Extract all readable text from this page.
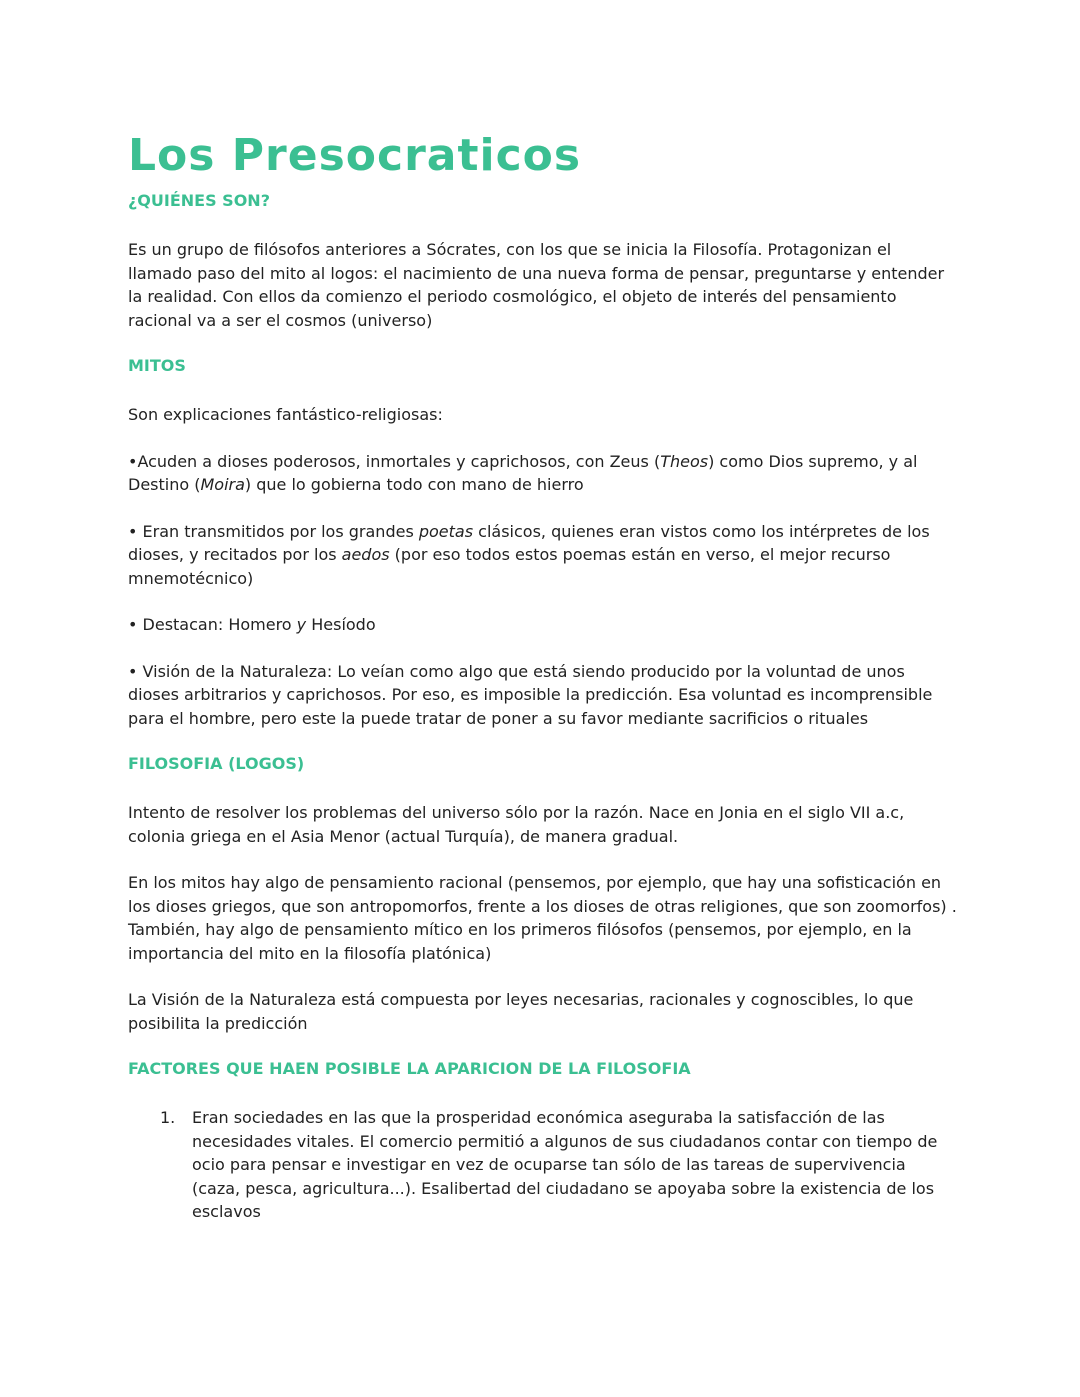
Los Presocraticos
¿QUIÉNES SON?

Es un grupo de filósofos anteriores a Sócrates, con los que se inicia la Filosofía. Protagonizan el llamado paso del mito al logos: el nacimiento de una nueva forma de pensar, preguntarse y entender la realidad. Con ellos da comienzo el periodo cosmológico, el objeto de interés del pensamiento racional va a ser el cosmos (universo)

MITOS

Son explicaciones fantástico-religiosas:

•Acuden a dioses poderosos, inmortales y caprichosos, con Zeus (Theos) como Dios supremo, y al Destino (Moira) que lo gobierna todo con mano de hierro

• Eran transmitidos por los grandes poetas clásicos, quienes eran vistos como los intérpretes de los dioses, y recitados por los aedos (por eso todos estos poemas están en verso, el mejor recurso mnemotécnico)

• Destacan: Homero y Hesíodo

• Visión de la Naturaleza: Lo veían como algo que está siendo producido por la voluntad de unos dioses arbitrarios y caprichosos. Por eso, es imposible la predicción. Esa voluntad es incomprensible para el hombre, pero este la puede tratar de poner a su favor mediante sacrificios o rituales

FILOSOFIA (LOGOS)

Intento de resolver los problemas del universo sólo por la razón. Nace en Jonia en el siglo VII a.c, colonia griega en el Asia Menor (actual Turquía), de manera gradual.

En los mitos hay algo de pensamiento racional (pensemos, por ejemplo, que hay una sofisticación en los dioses griegos, que son antropomorfos, frente a los dioses de otras religiones, que son zoomorfos) . También, hay algo de pensamiento mítico en los primeros filósofos (pensemos, por ejemplo, en la importancia del mito en la filosofía platónica)

La Visión de la Naturaleza está compuesta por leyes necesarias, racionales y cognoscibles, lo que posibilita la predicción

FACTORES QUE HAEN POSIBLE LA APARICION DE LA FILOSOFIA
1. Eran sociedades en las que la prosperidad económica aseguraba la satisfacción de las necesidades vitales. El comercio permitió a algunos de sus ciudadanos contar con tiempo de ocio para pensar e investigar en vez de ocuparse tan sólo de las tareas de supervivencia (caza, pesca, agricultura...). Esalibertad del ciudadano se apoyaba sobre la existencia de los esclavos
